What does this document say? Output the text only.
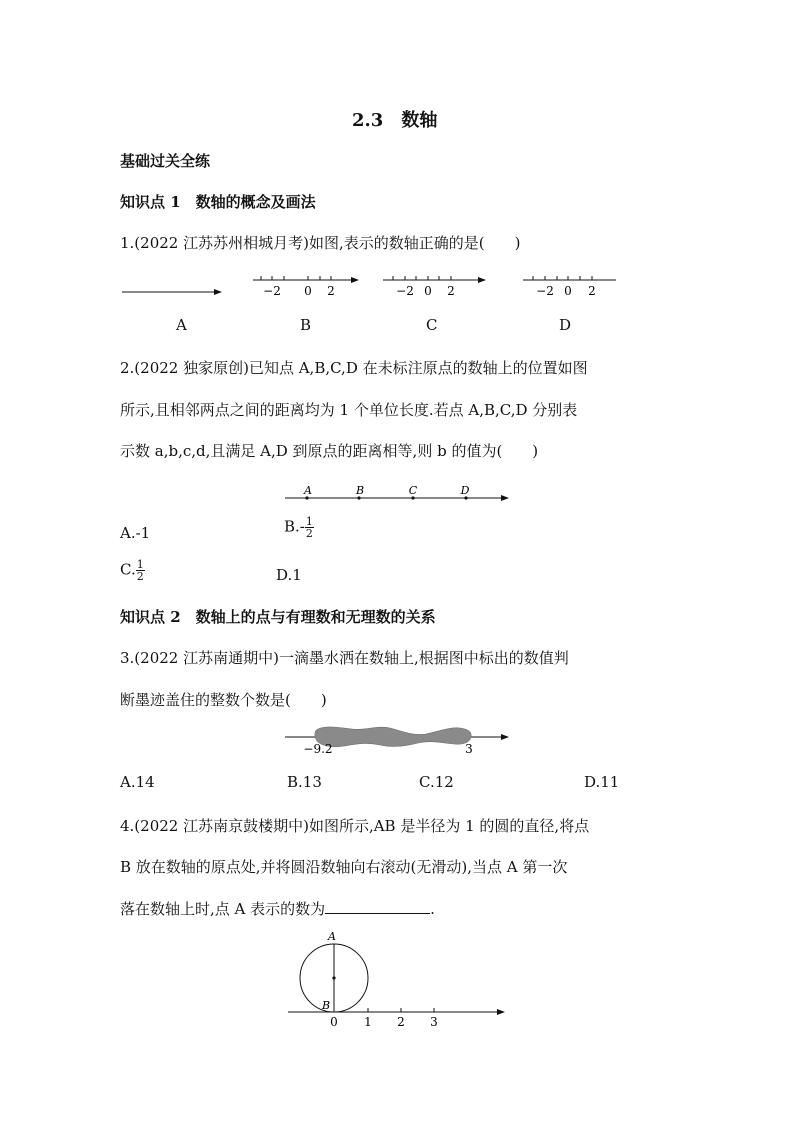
2.3　数轴
基础过关全练
知识点 1　数轴的概念及画法
1.(2022 江苏苏州相城月考)如图,表示的数轴正确的是(　　)
−2 0 2	−2 0 2	−2 0 2
A	B	C	D
2.(2022 独家原创)已知点 A,B,C,D 在未标注原点的数轴上的位置如图
所示,且相邻两点之间的距离均为 1 个单位长度.若点 A,B,C,D 分别表
示数 a,b,c,d,且满足 A,D 到原点的距离相等,则 b 的值为(　　)
A	B	C	D
A.-1	$B.- \frac{1}{2}$
C. $\frac{1}{2}$	D.1
知识点 2　数轴上的点与有理数和无理数的关系
3.(2022 江苏南通期中)一滴墨水洒在数轴上,根据图中标出的数值判
断墨迹盖住的整数个数是(　　)
−9.2	3
A.14	B.13	C.12	D.11
4.(2022 江苏南京鼓楼期中)如图所示,AB 是半径为 1 的圆的直径,将点
B 放在数轴的原点处,并将圆沿数轴向右滚动(无滑动),当点 A 第一次
落在数轴上时,点 A 表示的数为	.
A
B
0 1 2 3
